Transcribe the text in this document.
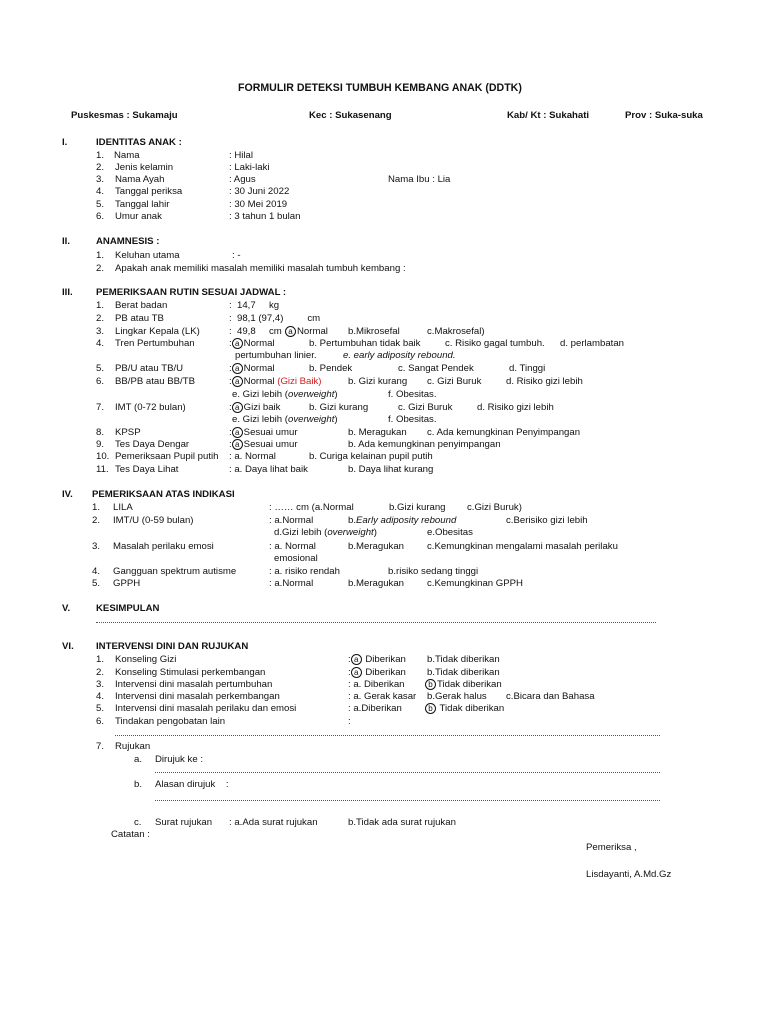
FORMULIR DETEKSI TUMBUH KEMBANG ANAK (DDTK)
Puskesmas : Sukamaju	Kec : Sukasenang	Kab/ Kt : Sukahati	Prov : Suka-suka
I.	IDENTITAS ANAK :
1. Nama	: Hilal
2. Jenis kelamin	: Laki-laki
3. Nama Ayah	: Agus	Nama Ibu : Lia
4. Tanggal periksa	: 30 Juni 2022
5. Tanggal lahir	: 30 Mei 2019
6. Umur anak	: 3 tahun 1 bulan
II.	ANAMNESIS :
1. Keluhan utama	: -
2. Apakah anak memiliki masalah memiliki masalah tumbuh kembang :
III. PEMERIKSAAN RUTIN SESUAI JADWAL :
1. Berat badan	:  14,7     kg
2. PB atau TB	:  98,1 (97,4)         cm
3. Lingkar Kepala (LK)	:  49,8     cm a Normal b.Mikrosefal	c.Makrosefal)
4. Tren Pertumbuhan	: a Normal	b. Pertumbuhan tidak baik	c. Risiko gagal tumbuh. d. perlambatan
pertumbuhan linier.	e. early adiposity rebound.
5. PB/U atau TB/U	: a Normal	b. Pendek	c. Sangat Pendek	d. Tinggi
6. BB/PB atau BB/TB	: a Normal (Gizi Baik)	b. Gizi kurang c. Gizi Buruk	d. Risiko gizi lebih
e. Gizi lebih (overweight)	f. Obesitas.
7. IMT (0-72 bulan)	: a Gizi baik	b. Gizi kurang	c. Gizi Buruk	d. Risiko gizi lebih
e. Gizi lebih (overweight)	f. Obesitas.
8. KPSP	: a Sesuai umur	b. Meragukan c. Ada kemungkinan Penyimpangan
9. Tes Daya Dengar	: a Sesuai umur	b. Ada kemungkinan penyimpangan
10. Pemeriksaan Pupil putih : a. Normal	b. Curiga kelainan pupil putih
11. Tes Daya Lihat	: a. Daya lihat baik	b. Daya lihat kurang
IV. PEMERIKSAAN ATAS INDIKASI
1. LILA	: …… cm (a.Normal	b.Gizi kurang c.Gizi Buruk)
2. IMT/U (0-59 bulan)	: a.Normal	b.Early adiposity rebound	c.Berisiko gizi lebih
d.Gizi lebih (overweight)	e.Obesitas
3. Masalah perilaku emosi	: a. Normal	b.Meragukan c.Kemungkinan mengalami masalah perilaku
emosional
4. Gangguan spektrum autisme	: a. risiko rendah	b.risiko sedang tinggi
5. GPPH	: a.Normal	b.Meragukan c.Kemungkinan GPPH
V.	KESIMPULAN
VI. INTERVENSI DINI DAN RUJUKAN
1. Konseling Gizi	: a Diberikan b.Tidak diberikan
2. Konseling Stimulasi perkembangan	: a Diberikan b.Tidak diberikan
3. Intervensi dini masalah pertumbuhan	: a. Diberikan	b Tidak diberikan
4. Intervensi dini masalah perkembangan	: a. Gerak kasar b.Gerak halus c.Bicara dan Bahasa
5. Intervensi dini masalah perilaku dan emosi	: a.Diberikan	b Tidak diberikan
6. Tindakan pengobatan lain	:
7. Rujukan
a. Dirujuk ke :
b. Alasan dirujuk    :
c. Surat rujukan : a.Ada surat rujukan	b.Tidak ada surat rujukan
Catatan :
Pemeriksa ,
Lisdayanti, A.Md.Gz
